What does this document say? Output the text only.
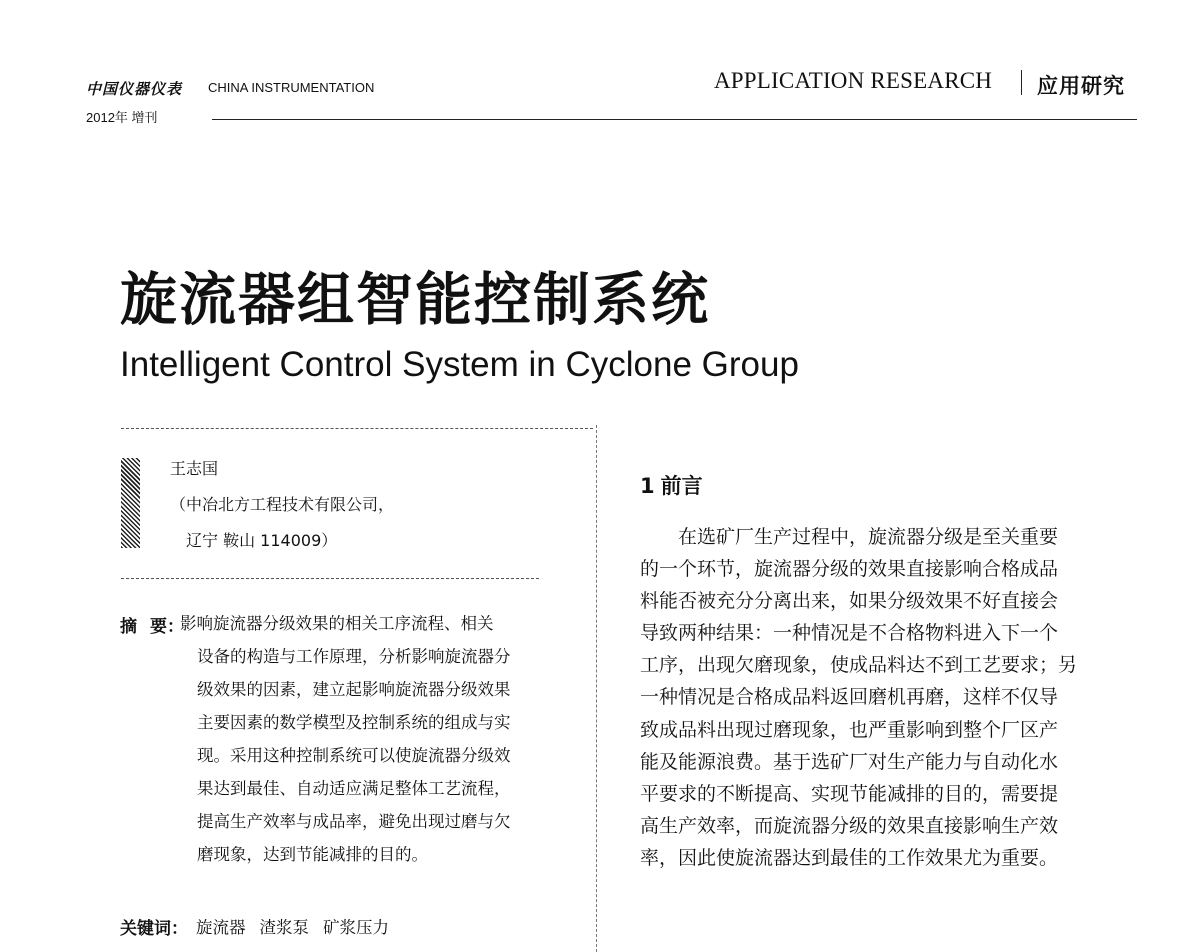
中国仪器仪表 CHINA INSTRUMENTATION
2012年 增刊
APPLICATION RESEARCH 应用研究
旋流器组智能控制系统
Intelligent Control System in Cyclone Group
王志国
（中冶北方工程技术有限公司，
辽宁 鞍山 114009）
摘 要：
影响旋流器分级效果的相关工序流程、相关
设备的构造与工作原理，分析影响旋流器分
级效果的因素，建立起影响旋流器分级效果
主要因素的数学模型及控制系统的组成与实
现。采用这种控制系统可以使旋流器分级效
果达到最佳、自动适应满足整体工艺流程，
提高生产效率与成品率，避免出现过磨与欠
磨现象，达到节能减排的目的。
关键词： 旋流器 渣浆泵 矿浆压力
1 前言
在选矿厂生产过程中，旋流器分级是至关重要
的一个环节，旋流器分级的效果直接影响合格成品
料能否被充分分离出来，如果分级效果不好直接会
导致两种结果：一种情况是不合格物料进入下一个
工序，出现欠磨现象，使成品料达不到工艺要求；另
一种情况是合格成品料返回磨机再磨，这样不仅导
致成品料出现过磨现象，也严重影响到整个厂区产
能及能源浪费。基于选矿厂对生产能力与自动化水
平要求的不断提高、实现节能减排的目的，需要提
高生产效率，而旋流器分级的效果直接影响生产效
率，因此使旋流器达到最佳的工作效果尤为重要。
